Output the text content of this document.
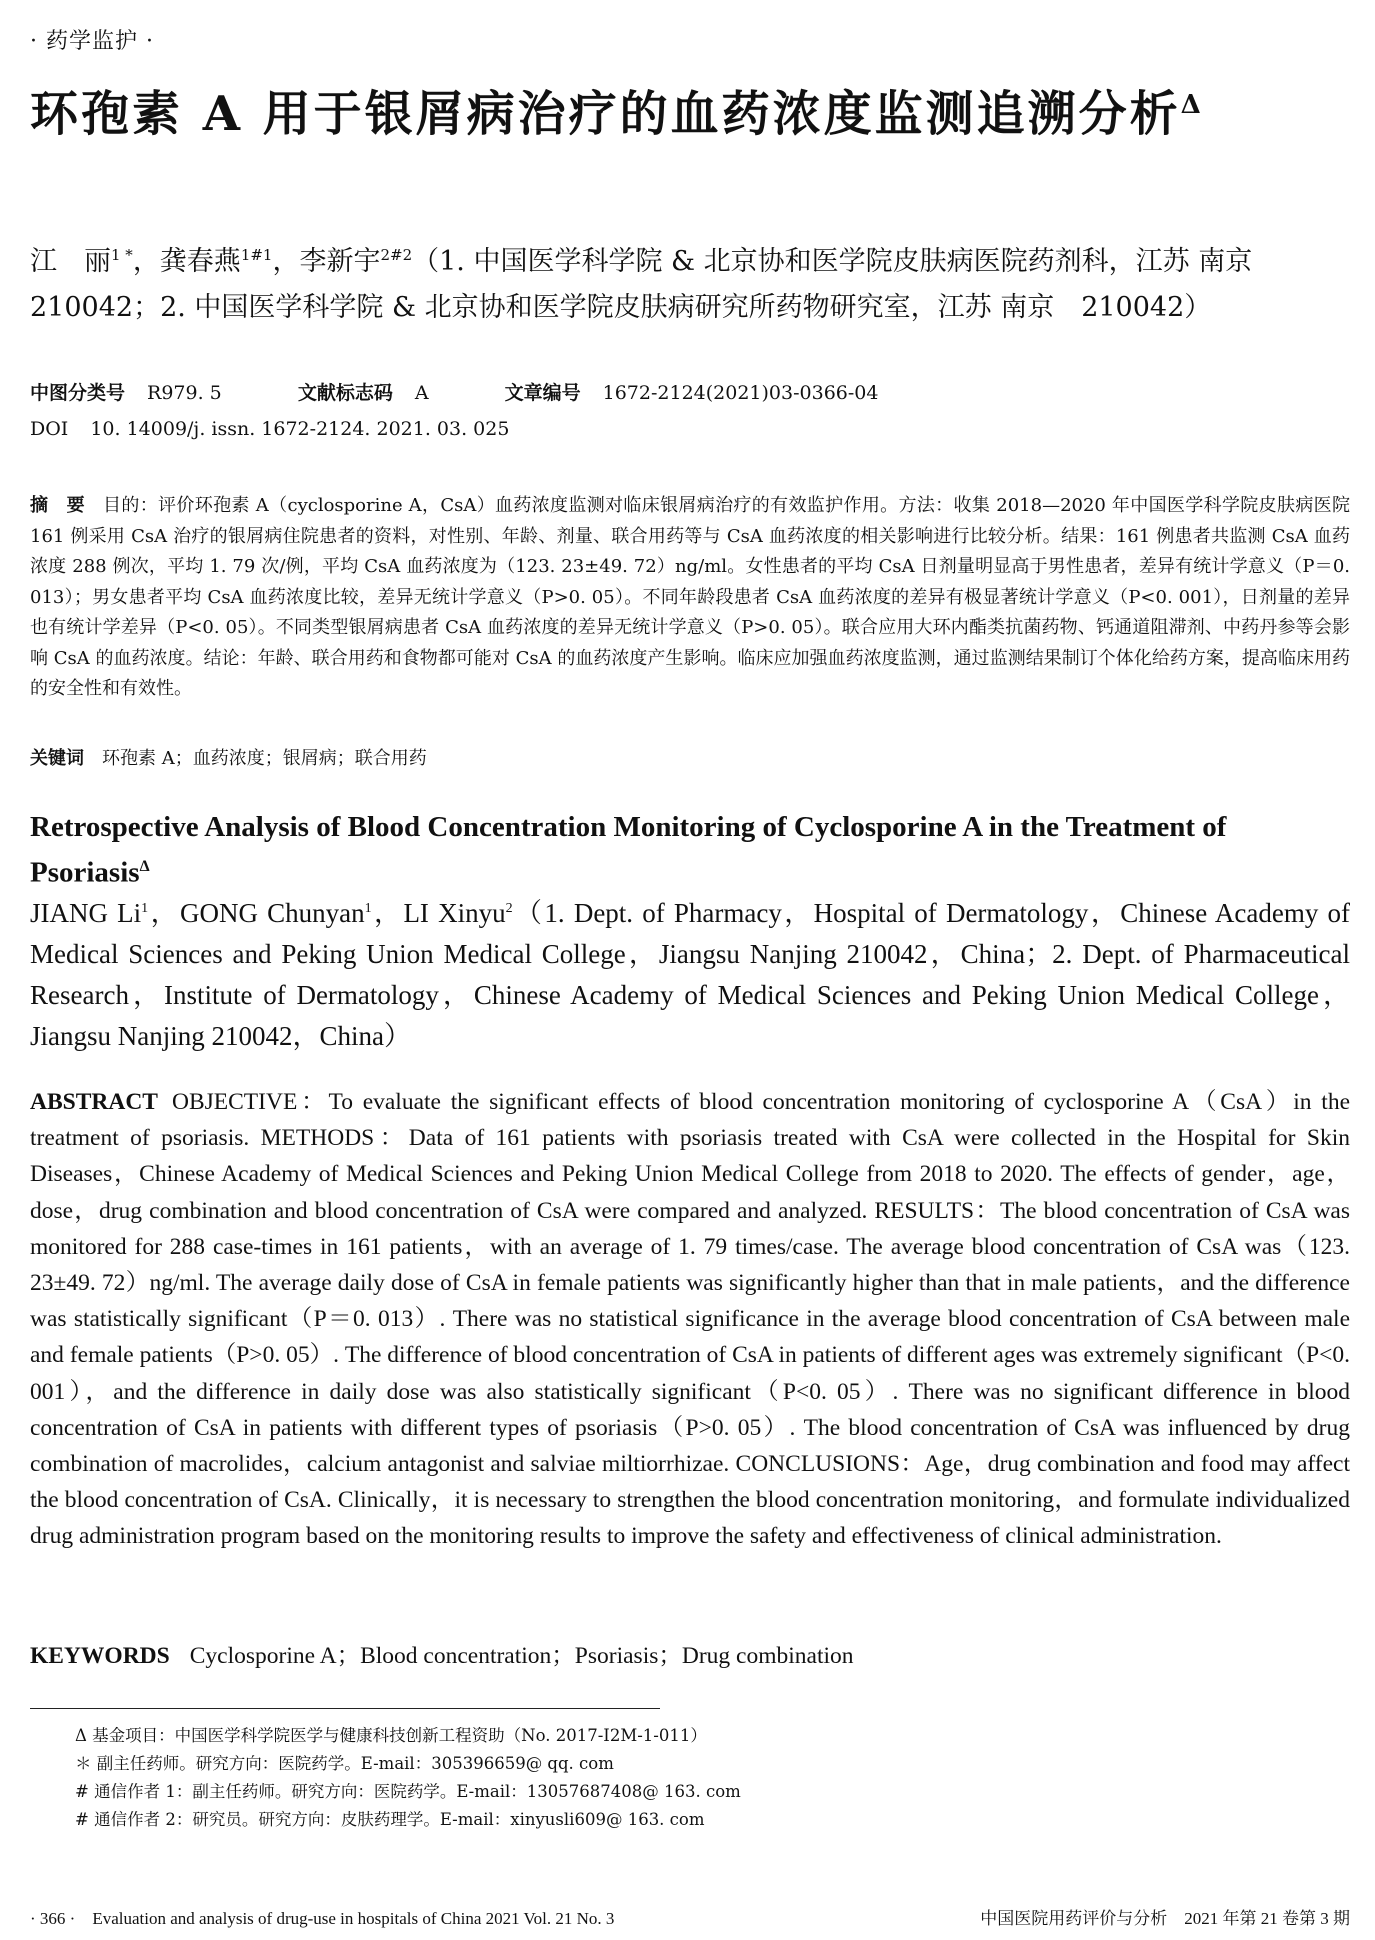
· 药学监护 ·
环孢素 A 用于银屑病治疗的血药浓度监测追溯分析$^\Delta$
江　丽$^{1 *}$，龚春燕$^{1\#1}$，李新宇$^{2\#2}$（1. 中国医学科学院 & 北京协和医学院皮肤病医院药剂科，江苏 南京 210042；2. 中国医学科学院 & 北京协和医学院皮肤病研究所药物研究室，江苏 南京　210042）
中图分类号 R979. 5	文献标志码 A	文章编号 1672-2124(2021)03-0366-04
DOI 10. 14009/j. issn. 1672-2124. 2021. 03. 025
摘　要 目的：评价环孢素 A（cyclosporine A，CsA）血药浓度监测对临床银屑病治疗的有效监护作用。方法：收集 2018—2020 年中国医学科学院皮肤病医院 161 例采用 CsA 治疗的银屑病住院患者的资料，对性别、年龄、剂量、联合用药等与 CsA 血药浓度的相关影响进行比较分析。结果：161 例患者共监测 CsA 血药浓度 288 例次，平均 1. 79 次/例，平均 CsA 血药浓度为（123. 23±49. 72）ng/ml。女性患者的平均 CsA 日剂量明显高于男性患者，差异有统计学意义（P＝0. 013）；男女患者平均 CsA 血药浓度比较，差异无统计学意义（P>0. 05）。不同年龄段患者 CsA 血药浓度的差异有极显著统计学意义（P<0. 001），日剂量的差异也有统计学差异（P<0. 05）。不同类型银屑病患者 CsA 血药浓度的差异无统计学意义（P>0. 05）。联合应用大环内酯类抗菌药物、钙通道阻滞剂、中药丹参等会影响 CsA 的血药浓度。结论：年龄、联合用药和食物都可能对 CsA 的血药浓度产生影响。临床应加强血药浓度监测，通过监测结果制订个体化给药方案，提高临床用药的安全性和有效性。
关键词 环孢素 A；血药浓度；银屑病；联合用药
Retrospective Analysis of Blood Concentration Monitoring of Cyclosporine A in the Treatment of Psoriasis$^\Delta$
JIANG Li$^1$，GONG Chunyan$^1$，LI Xinyu$^2$（1. Dept. of Pharmacy，Hospital of Dermatology，Chinese Academy of Medical Sciences and Peking Union Medical College，Jiangsu Nanjing 210042，China；2. Dept. of Pharmaceutical Research，Institute of Dermatology，Chinese Academy of Medical Sciences and Peking Union Medical College，Jiangsu Nanjing 210042，China）
ABSTRACT OBJECTIVE：To evaluate the significant effects of blood concentration monitoring of cyclosporine A（CsA）in the treatment of psoriasis. METHODS：Data of 161 patients with psoriasis treated with CsA were collected in the Hospital for Skin Diseases，Chinese Academy of Medical Sciences and Peking Union Medical College from 2018 to 2020. The effects of gender，age，dose，drug combination and blood concentration of CsA were compared and analyzed. RESULTS：The blood concentration of CsA was monitored for 288 case-times in 161 patients，with an average of 1. 79 times/case. The average blood concentration of CsA was（123. 23±49. 72）ng/ml. The average daily dose of CsA in female patients was significantly higher than that in male patients，and the difference was statistically significant（P＝0. 013）. There was no statistical significance in the average blood concentration of CsA between male and female patients（P>0. 05）. The difference of blood concentration of CsA in patients of different ages was extremely significant（P<0. 001），and the difference in daily dose was also statistically significant（P<0. 05）. There was no significant difference in blood concentration of CsA in patients with different types of psoriasis（P>0. 05）. The blood concentration of CsA was influenced by drug combination of macrolides，calcium antagonist and salviae miltiorrhizae. CONCLUSIONS：Age，drug combination and food may affect the blood concentration of CsA. Clinically，it is necessary to strengthen the blood concentration monitoring，and formulate individualized drug administration program based on the monitoring results to improve the safety and effectiveness of clinical administration.
KEYWORDS Cyclosporine A；Blood concentration；Psoriasis；Drug combination
Δ 基金项目：中国医学科学院医学与健康科技创新工程资助（No. 2017-I2M-1-011）
＊ 副主任药师。研究方向：医院药学。E-mail：305396659@ qq. com
# 通信作者 1：副主任药师。研究方向：医院药学。E-mail：13057687408@ 163. com
# 通信作者 2：研究员。研究方向：皮肤药理学。E-mail：xinyusli609@ 163. com
· 366 ·　Evaluation and analysis of drug-use in hospitals of China 2021 Vol. 21 No. 3	中国医院用药评价与分析　2021 年第 21 卷第 3 期
